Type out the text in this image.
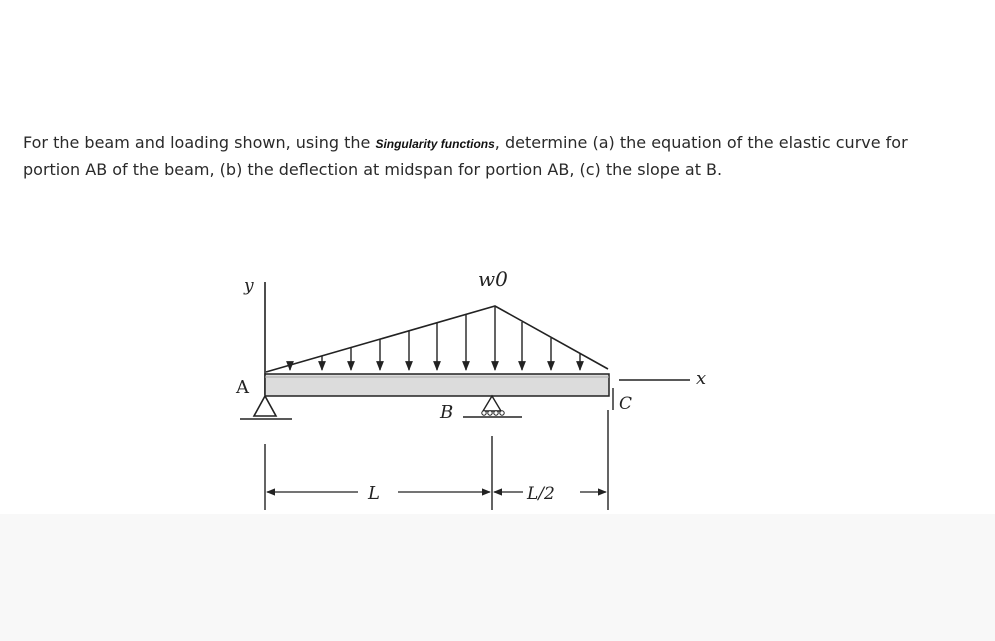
For the beam and loading shown, using the Singularity functions, determine (a) the equation of the elastic curve for portion AB of the beam, (b) the deflection at midspan for portion AB, (c) the slope at B.

y	w0
A
B
x
C
L	L/2
